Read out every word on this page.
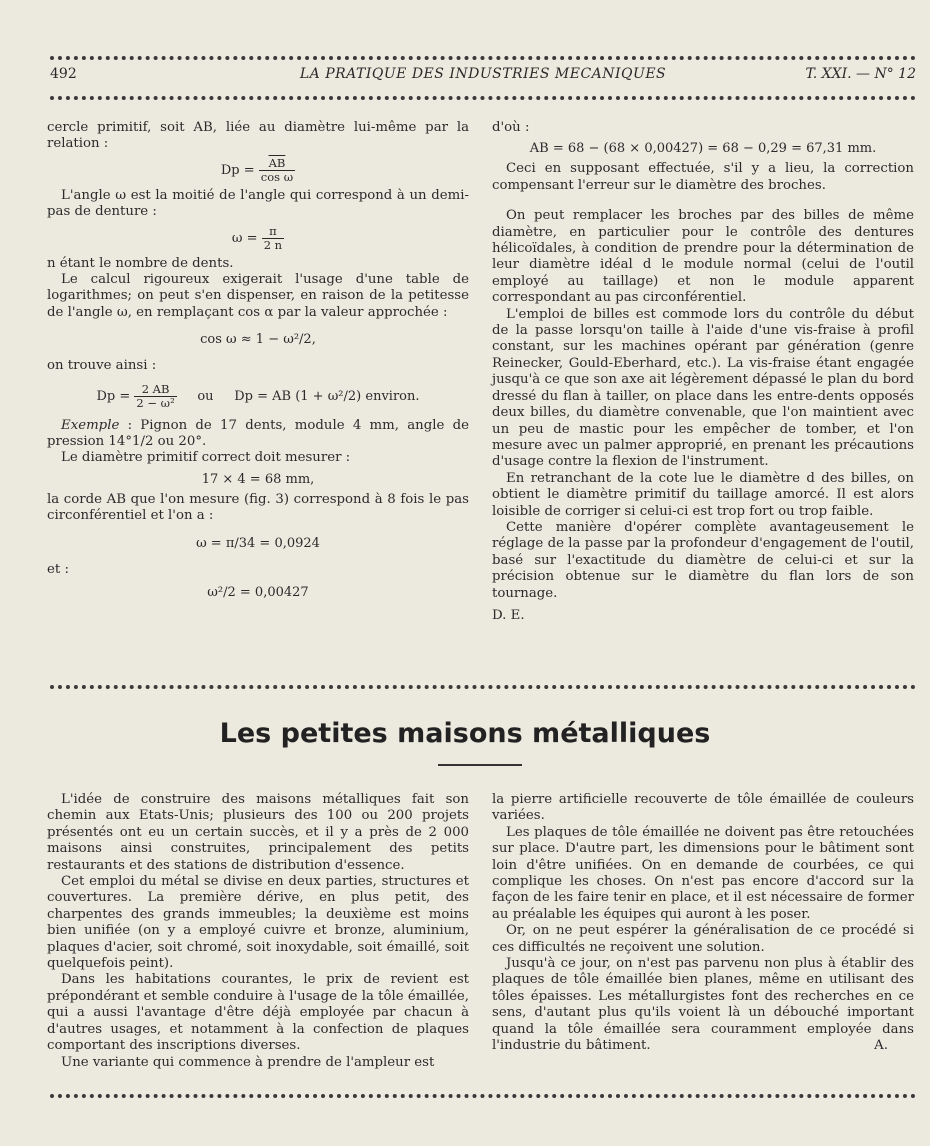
492	LA PRATIQUE DES INDUSTRIES MECANIQUES	T. XXI. — N° 12

cercle primitif, soit AB, liée au diamètre lui-même par la relation :

$Dp = \frac{\overline{AB}}{\text{cos ω}}$

L'angle ω est la moitié de l'angle qui correspond à un demi-pas de denture :

$\omega = \frac{\pi}{2 n}$

n étant le nombre de dents.

Le calcul rigoureux exigerait l'usage d'une table de logarithmes; on peut s'en dispenser, en raison de la petitesse de l'angle ω, en remplaçant cos α par la valeur approchée :

cos ω ≈ 1 − ω²/2,

on trouve ainsi :

$Dp = \frac{2 AB}{\text{2 − ω²}}$ ou Dp = AB (1 + ω²/2) environ.

Exemple : Pignon de 17 dents, module 4 mm, angle de pression 14°1/2 ou 20°.

Le diamètre primitif correct doit mesurer :

17 × 4 = 68 mm,

la corde AB que l'on mesure (fig. 3) correspond à 8 fois le pas circonférentiel et l'on a :

ω = π/34 = 0,0924

et :

ω²/2 = 0,00427

d'où :

AB = 68 − (68 × 0,00427) = 68 − 0,29 = 67,31 mm.

Ceci en supposant effectuée, s'il y a lieu, la correction compensant l'erreur sur le diamètre des broches.

On peut remplacer les broches par des billes de même diamètre, en particulier pour le contrôle des dentures hélicoïdales, à condition de prendre pour la détermination de leur diamètre idéal d le module normal (celui de l'outil employé au taillage) et non le module apparent correspondant au pas circonférentiel.

L'emploi de billes est commode lors du contrôle du début de la passe lorsqu'on taille à l'aide d'une vis-fraise à profil constant, sur les machines opérant par génération (genre Reinecker, Gould-Eberhard, etc.). La vis-fraise étant engagée jusqu'à ce que son axe ait légèrement dépassé le plan du bord dressé du flan à tailler, on place dans les entre-dents opposés deux billes, du diamètre convenable, que l'on maintient avec un peu de mastic pour les empêcher de tomber, et l'on mesure avec un palmer approprié, en prenant les précautions d'usage contre la flexion de l'instrument.

En retranchant de la cote lue le diamètre d des billes, on obtient le diamètre primitif du taillage amorcé. Il est alors loisible de corriger si celui-ci est trop fort ou trop faible.

Cette manière d'opérer complète avantageusement le réglage de la passe par la profondeur d'engagement de l'outil, basé sur l'exactitude du diamètre de celui-ci et sur la précision obtenue sur le diamètre du flan lors de son tournage.

D. E.

Les petites maisons métalliques

L'idée de construire des maisons métalliques fait son chemin aux Etats-Unis; plusieurs des 100 ou 200 projets présentés ont eu un certain succès, et il y a près de 2 000 maisons ainsi construites, principalement des petits restaurants et des stations de distribution d'essence.

Cet emploi du métal se divise en deux parties, structures et couvertures. La première dérive, en plus petit, des charpentes des grands immeubles; la deuxième est moins bien unifiée (on y a employé cuivre et bronze, aluminium, plaques d'acier, soit chromé, soit inoxydable, soit émaillé, soit quelquefois peint).

Dans les habitations courantes, le prix de revient est prépondérant et semble conduire à l'usage de la tôle émaillée, qui a aussi l'avantage d'être déjà employée par chacun à d'autres usages, et notamment à la confection de plaques comportant des inscriptions diverses.

Une variante qui commence à prendre de l'ampleur est

la pierre artificielle recouverte de tôle émaillée de couleurs variées.

Les plaques de tôle émaillée ne doivent pas être retouchées sur place. D'autre part, les dimensions pour le bâtiment sont loin d'être unifiées. On en demande de courbées, ce qui complique les choses. On n'est pas encore d'accord sur la façon de les faire tenir en place, et il est nécessaire de former au préalable les équipes qui auront à les poser.

Or, on ne peut espérer la généralisation de ce procédé si ces difficultés ne reçoivent une solution.

Jusqu'à ce jour, on n'est pas parvenu non plus à établir des plaques de tôle émaillée bien planes, même en utilisant des tôles épaisses. Les métallurgistes font des recherches en ce sens, d'autant plus qu'ils voient là un débouché important quand la tôle émaillée sera couramment employée dans l'industrie du bâtiment.	A.
